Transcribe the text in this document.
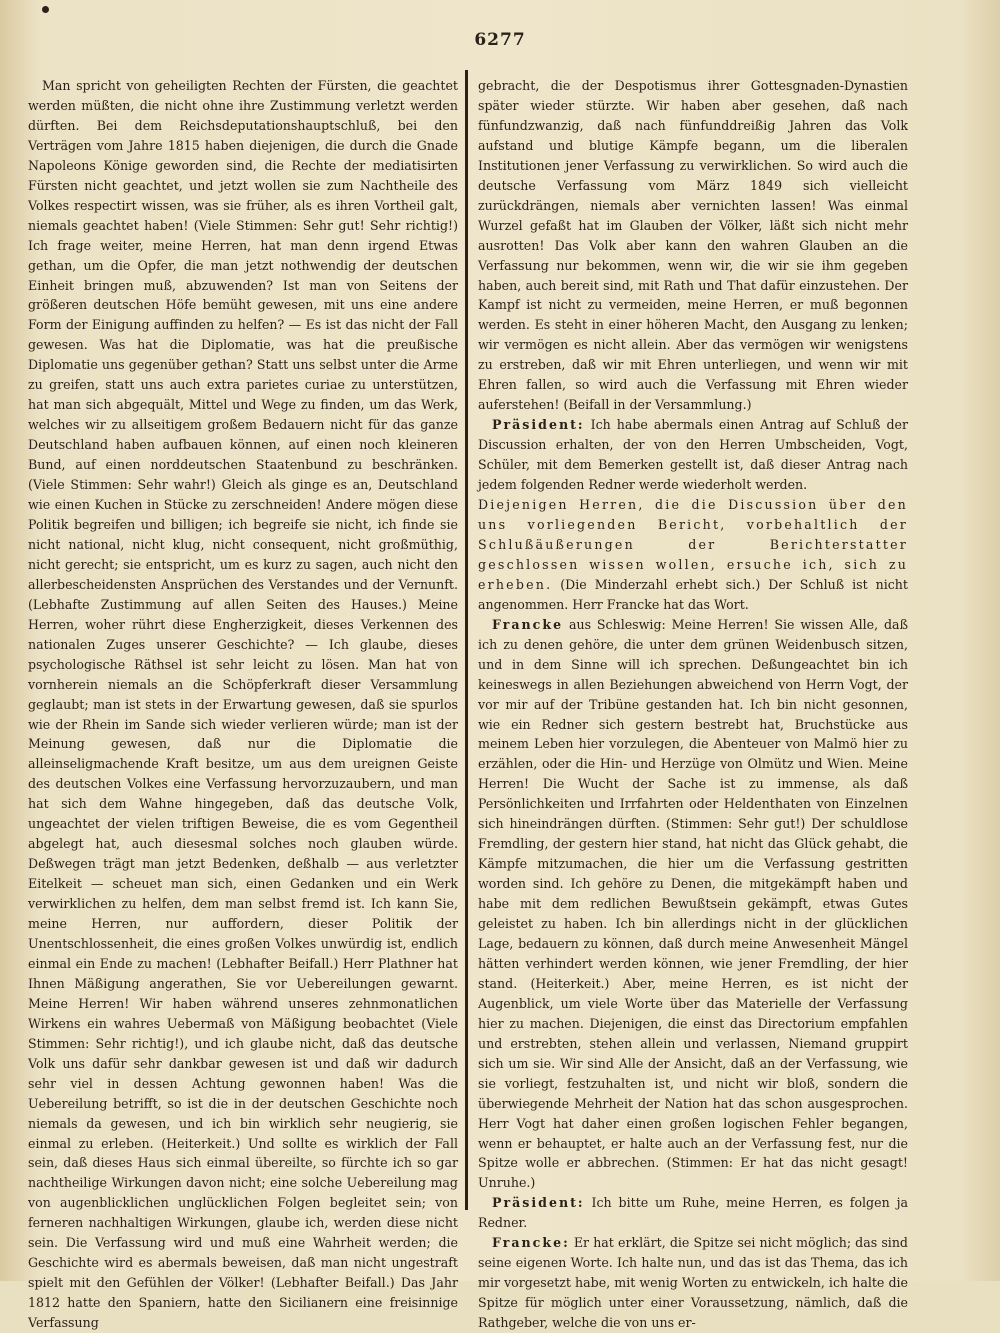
6277

Man spricht von geheiligten Rechten der Fürsten, die geachtet werden müßten, die nicht ohne ihre Zustimmung verletzt werden dürften. Bei dem Reichsdeputationshauptschluß, bei den Verträgen vom Jahre 1815 haben diejenigen, die durch die Gnade Napoleons Könige geworden sind, die Rechte der mediatisirten Fürsten nicht geachtet, und jetzt wollen sie zum Nachtheile des Volkes respectirt wissen, was sie früher, als es ihren Vortheil galt, niemals geachtet haben! (Viele Stimmen: Sehr gut! Sehr richtig!) Ich frage weiter, meine Herren, hat man denn irgend Etwas gethan, um die Opfer, die man jetzt nothwendig der deutschen Einheit bringen muß, abzuwenden? Ist man von Seitens der größeren deutschen Höfe bemüht gewesen, mit uns eine andere Form der Einigung auffinden zu helfen? — Es ist das nicht der Fall gewesen. Was hat die Diplomatie, was hat die preußische Diplomatie uns gegenüber gethan? Statt uns selbst unter die Arme zu greifen, statt uns auch extra parietes curiae zu unterstützen, hat man sich abgequält, Mittel und Wege zu finden, um das Werk, welches wir zu allseitigem großem Bedauern nicht für das ganze Deutschland haben aufbauen können, auf einen noch kleineren Bund, auf einen norddeutschen Staatenbund zu beschränken. (Viele Stimmen: Sehr wahr!) Gleich als ginge es an, Deutschland wie einen Kuchen in Stücke zu zerschneiden! Andere mögen diese Politik begreifen und billigen; ich begreife sie nicht, ich finde sie nicht national, nicht klug, nicht consequent, nicht großmüthig, nicht gerecht; sie entspricht, um es kurz zu sagen, auch nicht den allerbescheidensten Ansprüchen des Verstandes und der Vernunft. (Lebhafte Zustimmung auf allen Seiten des Hauses.) Meine Herren, woher rührt diese Engherzigkeit, dieses Verkennen des nationalen Zuges unserer Geschichte? — Ich glaube, dieses psychologische Räthsel ist sehr leicht zu lösen. Man hat von vornherein niemals an die Schöpferkraft dieser Versammlung geglaubt; man ist stets in der Erwartung gewesen, daß sie spurlos wie der Rhein im Sande sich wieder verlieren würde; man ist der Meinung gewesen, daß nur die Diplomatie die alleinseligmachende Kraft besitze, um aus dem ureignen Geiste des deutschen Volkes eine Verfassung hervorzuzaubern, und man hat sich dem Wahne hingegeben, daß das deutsche Volk, ungeachtet der vielen triftigen Beweise, die es vom Gegentheil abgelegt hat, auch diesesmal solches noch glauben würde. Deßwegen trägt man jetzt Bedenken, deßhalb — aus verletzter Eitelkeit — scheuet man sich, einen Gedanken und ein Werk verwirklichen zu helfen, dem man selbst fremd ist. Ich kann Sie, meine Herren, nur auffordern, dieser Politik der Unentschlossenheit, die eines großen Volkes unwürdig ist, endlich einmal ein Ende zu machen! (Lebhafter Beifall.) Herr Plathner hat Ihnen Mäßigung angerathen, Sie vor Uebereilungen gewarnt. Meine Herren! Wir haben während unseres zehnmonatlichen Wirkens ein wahres Uebermaß von Mäßigung beobachtet (Viele Stimmen: Sehr richtig!), und ich glaube nicht, daß das deutsche Volk uns dafür sehr dankbar gewesen ist und daß wir dadurch sehr viel in dessen Achtung gewonnen haben! Was die Uebereilung betrifft, so ist die in der deutschen Geschichte noch niemals da gewesen, und ich bin wirklich sehr neugierig, sie einmal zu erleben. (Heiterkeit.) Und sollte es wirklich der Fall sein, daß dieses Haus sich einmal übereilte, so fürchte ich so gar nachtheilige Wirkungen davon nicht; eine solche Uebereilung mag von augenblicklichen unglücklichen Folgen begleitet sein; von ferneren nachhaltigen Wirkungen, glaube ich, werden diese nicht sein. Die Verfassung wird und muß eine Wahrheit werden; die Geschichte wird es abermals beweisen, daß man nicht ungestraft spielt mit den Gefühlen der Völker! (Lebhafter Beifall.) Das Jahr 1812 hatte den Spaniern, hatte den Sicilianern eine freisinnige Verfassung

gebracht, die der Despotismus ihrer Gottesgnaden-Dynastien später wieder stürzte. Wir haben aber gesehen, daß nach fünfundzwanzig, daß nach fünfunddreißig Jahren das Volk aufstand und blutige Kämpfe begann, um die liberalen Institutionen jener Verfassung zu verwirklichen. So wird auch die deutsche Verfassung vom März 1849 sich vielleicht zurückdrängen, niemals aber vernichten lassen! Was einmal Wurzel gefaßt hat im Glauben der Völker, läßt sich nicht mehr ausrotten! Das Volk aber kann den wahren Glauben an die Verfassung nur bekommen, wenn wir, die wir sie ihm gegeben haben, auch bereit sind, mit Rath und That dafür einzustehen. Der Kampf ist nicht zu vermeiden, meine Herren, er muß begonnen werden. Es steht in einer höheren Macht, den Ausgang zu lenken; wir vermögen es nicht allein. Aber das vermögen wir wenigstens zu erstreben, daß wir mit Ehren unterliegen, und wenn wir mit Ehren fallen, so wird auch die Verfassung mit Ehren wieder auferstehen! (Beifall in der Versammlung.)

Präsident: Ich habe abermals einen Antrag auf Schluß der Discussion erhalten, der von den Herren Umbscheiden, Vogt, Schüler, mit dem Bemerken gestellt ist, daß dieser Antrag nach jedem folgenden Redner werde wiederholt werden.

Diejenigen Herren, die die Discussion über den uns vorliegenden Bericht, vorbehaltlich der Schlußäußerungen der Berichterstatter geschlossen wissen wollen, ersuche ich, sich zu erheben. (Die Minderzahl erhebt sich.) Der Schluß ist nicht angenommen. Herr Francke hat das Wort.

Francke aus Schleswig: Meine Herren! Sie wissen Alle, daß ich zu denen gehöre, die unter dem grünen Weidenbusch sitzen, und in dem Sinne will ich sprechen. Deßungeachtet bin ich keineswegs in allen Beziehungen abweichend von Herrn Vogt, der vor mir auf der Tribüne gestanden hat. Ich bin nicht gesonnen, wie ein Redner sich gestern bestrebt hat, Bruchstücke aus meinem Leben hier vorzulegen, die Abenteuer von Malmö hier zu erzählen, oder die Hin- und Herzüge von Olmütz und Wien. Meine Herren! Die Wucht der Sache ist zu immense, als daß Persönlichkeiten und Irrfahrten oder Heldenthaten von Einzelnen sich hineindrängen dürften. (Stimmen: Sehr gut!) Der schuldlose Fremdling, der gestern hier stand, hat nicht das Glück gehabt, die Kämpfe mitzumachen, die hier um die Verfassung gestritten worden sind. Ich gehöre zu Denen, die mitgekämpft haben und habe mit dem redlichen Bewußtsein gekämpft, etwas Gutes geleistet zu haben. Ich bin allerdings nicht in der glücklichen Lage, bedauern zu können, daß durch meine Anwesenheit Mängel hätten verhindert werden können, wie jener Fremdling, der hier stand. (Heiterkeit.) Aber, meine Herren, es ist nicht der Augenblick, um viele Worte über das Materielle der Verfassung hier zu machen. Diejenigen, die einst das Directorium empfahlen und erstrebten, stehen allein und verlassen, Niemand gruppirt sich um sie. Wir sind Alle der Ansicht, daß an der Verfassung, wie sie vorliegt, festzuhalten ist, und nicht wir bloß, sondern die überwiegende Mehrheit der Nation hat das schon ausgesprochen. Herr Vogt hat daher einen großen logischen Fehler begangen, wenn er behauptet, er halte auch an der Verfassung fest, nur die Spitze wolle er abbrechen. (Stimmen: Er hat das nicht gesagt! Unruhe.)

Präsident: Ich bitte um Ruhe, meine Herren, es folgen ja Redner.

Francke: Er hat erklärt, die Spitze sei nicht möglich; das sind seine eigenen Worte. Ich halte nun, und das ist das Thema, das ich mir vorgesetzt habe, mit wenig Worten zu entwickeln, ich halte die Spitze für möglich unter einer Voraussetzung, nämlich, daß die Rathgeber, welche die von uns er-
